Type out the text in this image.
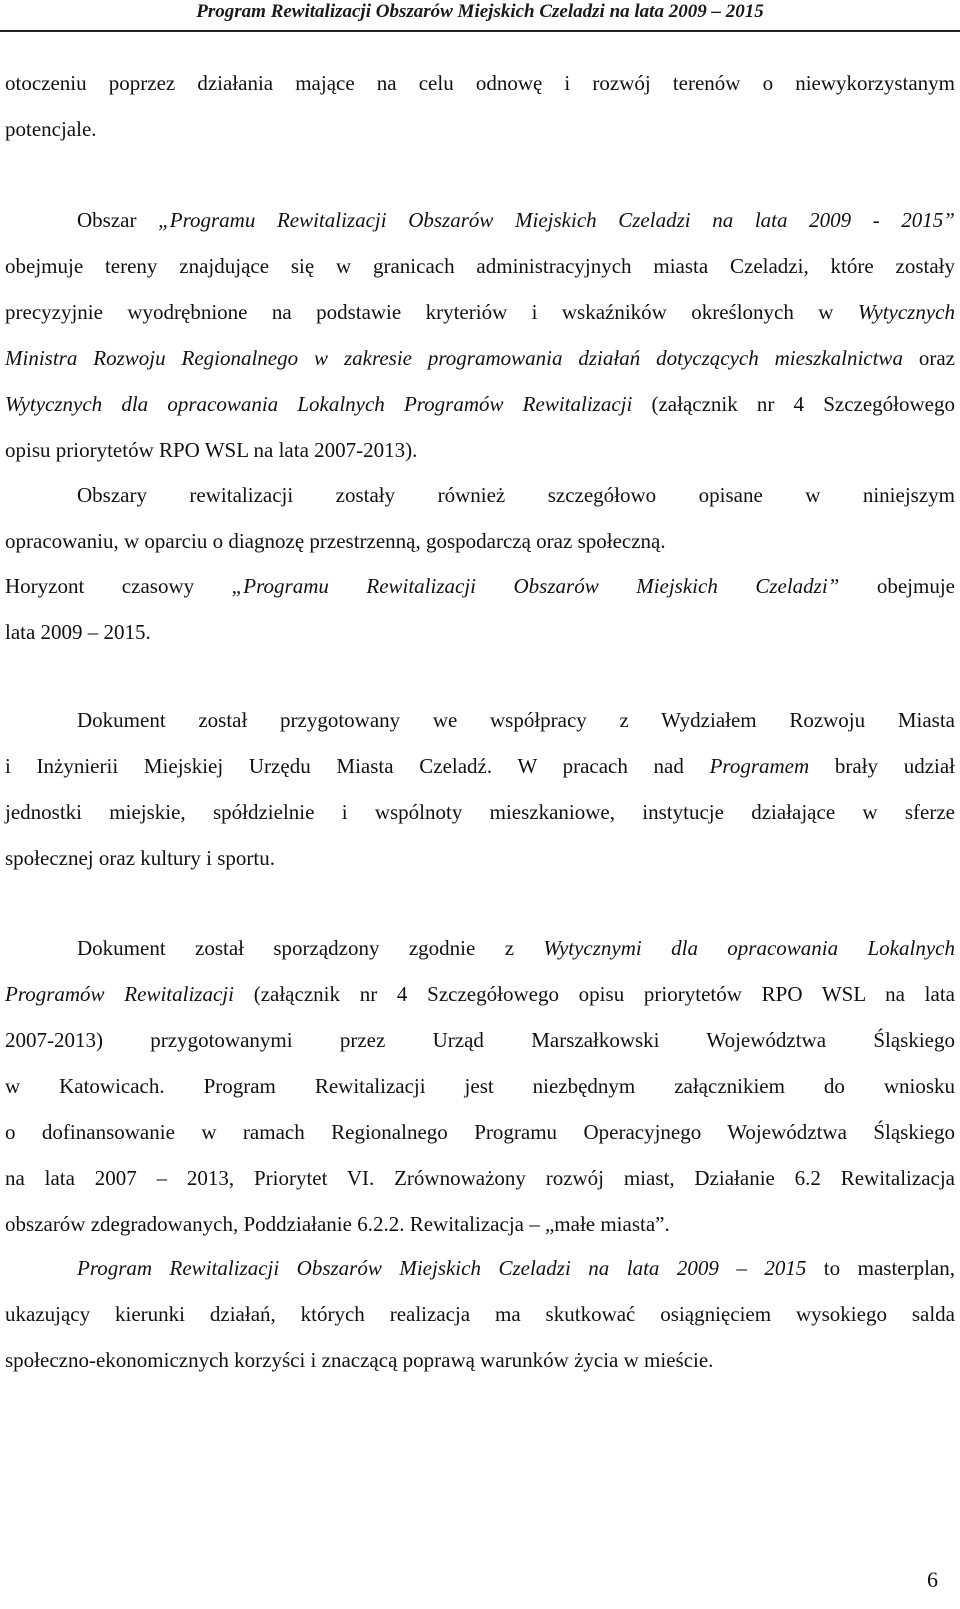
Program Rewitalizacji Obszarów Miejskich Czeladzi na lata 2009 – 2015
otoczeniu poprzez działania mające na celu odnowę i rozwój terenów o niewykorzystanym
potencjale.
Obszar „Programu Rewitalizacji Obszarów Miejskich Czeladzi na lata 2009 - 2015”
obejmuje tereny znajdujące się w granicach administracyjnych miasta Czeladzi, które zostały
precyzyjnie wyodrębnione na podstawie kryteriów i wskaźników określonych w Wytycznych
Ministra Rozwoju Regionalnego w zakresie programowania działań dotyczących mieszkalnictwa oraz
Wytycznych dla opracowania Lokalnych Programów Rewitalizacji (załącznik nr 4 Szczegółowego
opisu priorytetów RPO WSL na lata 2007-2013).
Obszary rewitalizacji zostały również szczegółowo opisane w niniejszym
opracowaniu, w oparciu o diagnozę przestrzenną, gospodarczą oraz społeczną.
Horyzont czasowy „Programu Rewitalizacji Obszarów Miejskich Czeladzi” obejmuje
lata 2009 – 2015.
Dokument został przygotowany we współpracy z Wydziałem Rozwoju Miasta
i Inżynierii Miejskiej Urzędu Miasta Czeladź. W pracach nad Programem brały udział
jednostki miejskie, spółdzielnie i wspólnoty mieszkaniowe, instytucje działające w sferze
społecznej oraz kultury i sportu.
Dokument został sporządzony zgodnie z Wytycznymi dla opracowania Lokalnych
Programów Rewitalizacji (załącznik nr 4 Szczegółowego opisu priorytetów RPO WSL na lata
2007-2013) przygotowanymi przez Urząd Marszałkowski Województwa Śląskiego
w Katowicach. Program Rewitalizacji jest niezbędnym załącznikiem do wniosku
o dofinansowanie w ramach Regionalnego Programu Operacyjnego Województwa Śląskiego
na lata 2007 – 2013, Priorytet VI. Zrównoważony rozwój miast, Działanie 6.2 Rewitalizacja
obszarów zdegradowanych, Poddziałanie 6.2.2. Rewitalizacja – „małe miasta”.
Program Rewitalizacji Obszarów Miejskich Czeladzi na lata 2009 – 2015 to masterplan,
ukazujący kierunki działań, których realizacja ma skutkować osiągnięciem wysokiego salda
społeczno-ekonomicznych korzyści i znaczącą poprawą warunków życia w mieście.
6
